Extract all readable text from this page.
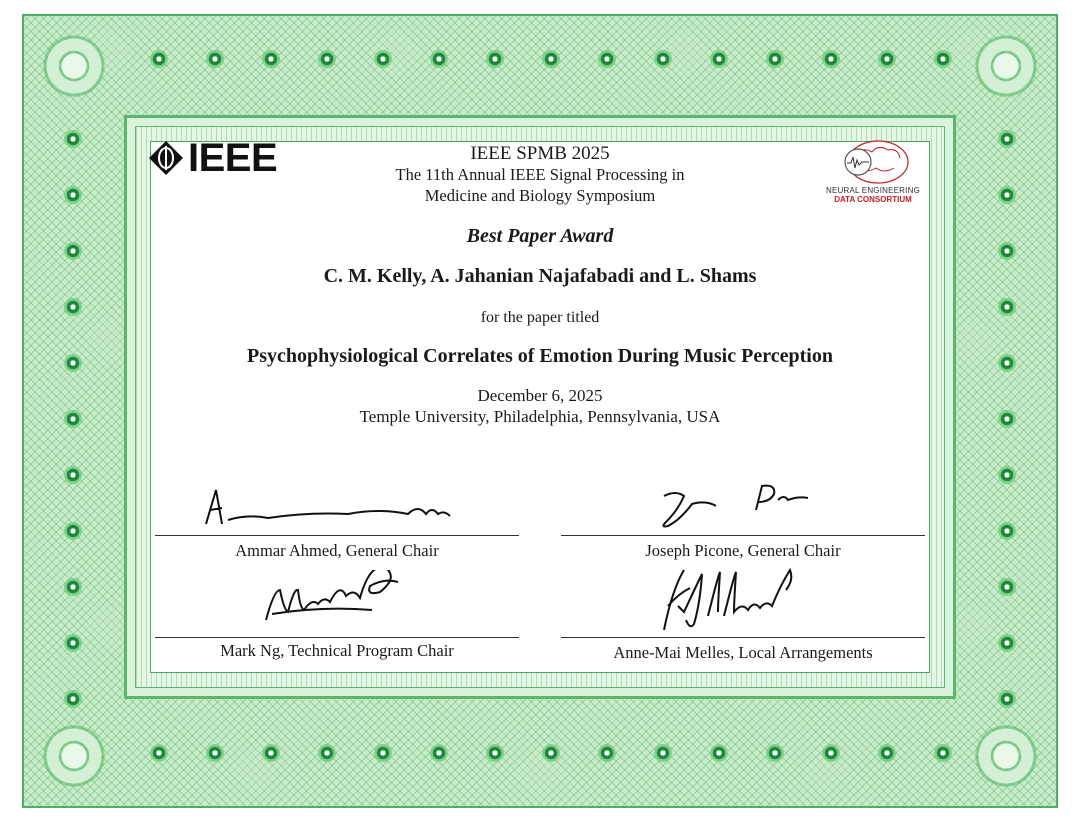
IEEE
NEURAL ENGINEERING
DATA CONSORTIUM
IEEE SPMB 2025
The 11th Annual IEEE Signal Processing in
Medicine and Biology Symposium
Best Paper Award
C. M. Kelly, A. Jahanian Najafabadi and L. Shams
for the paper titled
Psychophysiological Correlates of Emotion During Music Perception
December 6, 2025
Temple University, Philadelphia, Pennsylvania, USA
Ammar Ahmed, General Chair	Joseph Picone, General Chair
Mark Ng, Technical Program Chair	Anne-Mai Melles, Local Arrangements
